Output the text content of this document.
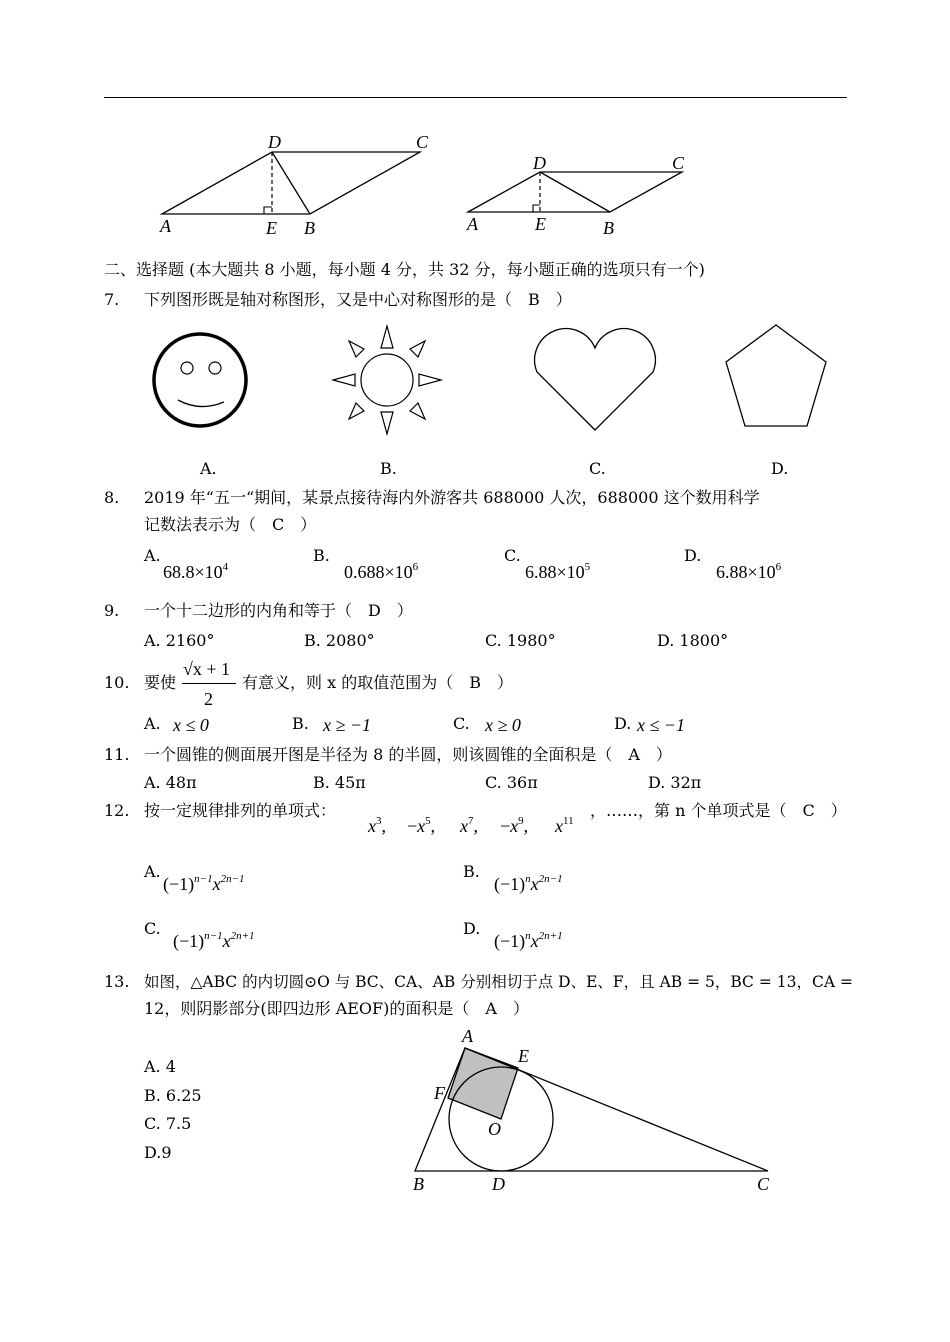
D	C
A	E B
D	C
A	E	B
二、选择题 (本大题共 8 小题，每小题 4 分，共 32 分，每小题正确的选项只有一个)
7. 下列图形既是轴对称图形，又是中心对称图形的是（　B　）
A.	B.	C.	D.
8. 2019 年“五一“期间，某景点接待海内外游客共 688000 人次，688000 这个数用科学
记数法表示为（　C　）
A.
$68.8\times 10^4$
B.
$0.688\times 10^6$
C.
$6.88\times 10^5$
D.
$6.88\times 10^6$
9. 一个十二边形的内角和等于（　D　）
A. 2160°	B. 2080°	C. 1980°	D. 1800°
10. 要使
√x + 1
2
有意义，则 x 的取值范围为（　B　）
A. x ≤ 0	B. x ≥ −1	C. x ≥ 0	D. x ≤ −1
11. 一个圆锥的侧面展开图是半径为 8 的半圆，则该圆锥的全面积是（　A　）
A. 48π	B. 45π	C. 36π	D. 32π
12. 按一定规律排列的单项式：
$x^3$, $-x^5$, $x^7$, $-x^9$, $x^{11}$
，……，第 n 个单项式是（　C　）
A.
$(-1)^{n-1}x^{2n-1}$	B.
$(-1)^nx^{2n-1}$
C.
$(-1)^{n-1}x^{2n+1}$	D.
$(-1)^nx^{2n+1}$
13. 如图，△ABC 的内切圆⊙O 与 BC、CA、AB 分别相切于点 D、E、F，且 AB = 5，BC = 13，CA =
12，则阴影部分(即四边形 AEOF)的面积是（　A　）
A. 4
B. 6.25
C. 7.5
D.9
A
E
F
O
B	D	C
